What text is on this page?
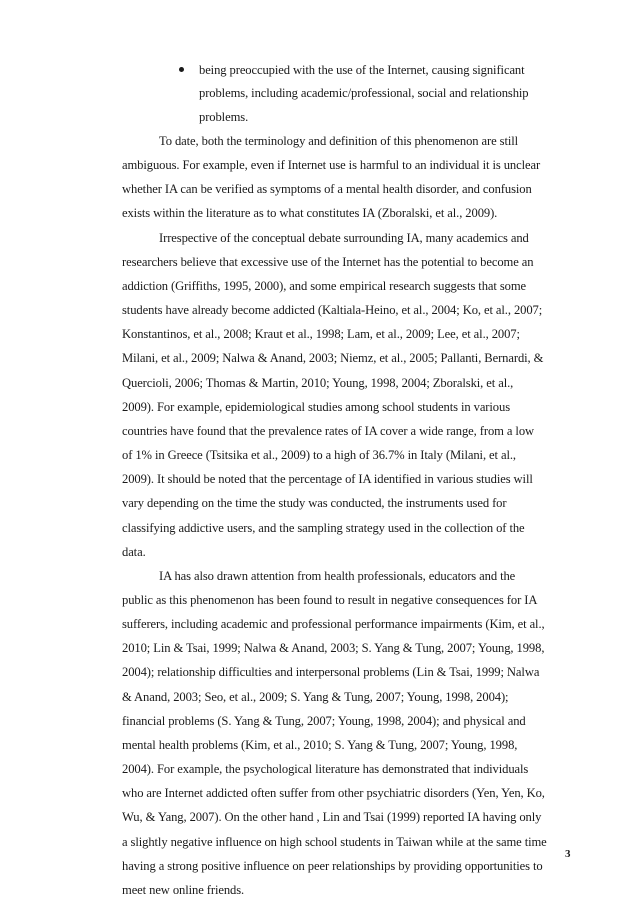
being preoccupied with the use of the Internet, causing significant problems, including academic/professional, social and relationship problems.

To date, both the terminology and definition of this phenomenon are still ambiguous. For example, even if Internet use is harmful to an individual it is unclear whether IA can be verified as symptoms of a mental health disorder, and confusion exists within the literature as to what constitutes IA (Zboralski, et al., 2009).

Irrespective of the conceptual debate surrounding IA, many academics and researchers believe that excessive use of the Internet has the potential to become an addiction (Griffiths, 1995, 2000), and some empirical research suggests that some students have already become addicted (Kaltiala-Heino, et al., 2004; Ko, et al., 2007; Konstantinos, et al., 2008; Kraut et al., 1998; Lam, et al., 2009; Lee, et al., 2007; Milani, et al., 2009; Nalwa & Anand, 2003; Niemz, et al., 2005; Pallanti, Bernardi, & Quercioli, 2006; Thomas & Martin, 2010; Young, 1998, 2004; Zboralski, et al., 2009). For example, epidemiological studies among school students in various countries have found that the prevalence rates of IA cover a wide range, from a low of 1% in Greece (Tsitsika et al., 2009) to a high of 36.7% in Italy (Milani, et al., 2009). It should be noted that the percentage of IA identified in various studies will vary depending on the time the study was conducted, the instruments used for classifying addictive users, and the sampling strategy used in the collection of the data.

IA has also drawn attention from health professionals, educators and the public as this phenomenon has been found to result in negative consequences for IA sufferers, including academic and professional performance impairments (Kim, et al., 2010; Lin & Tsai, 1999; Nalwa & Anand, 2003; S. Yang & Tung, 2007; Young, 1998, 2004); relationship difficulties and interpersonal problems (Lin & Tsai, 1999; Nalwa & Anand, 2003; Seo, et al., 2009; S. Yang & Tung, 2007; Young, 1998, 2004); financial problems (S. Yang & Tung, 2007; Young, 1998, 2004); and physical and mental health problems (Kim, et al., 2010; S. Yang & Tung, 2007; Young, 1998, 2004). For example, the psychological literature has demonstrated that individuals who are Internet addicted often suffer from other psychiatric disorders (Yen, Yen, Ko, Wu, & Yang, 2007). On the other hand , Lin and Tsai (1999) reported IA having only a slightly negative influence on high school students in Taiwan while at the same time having a strong positive influence on peer relationships by providing opportunities to meet new online friends.

3
